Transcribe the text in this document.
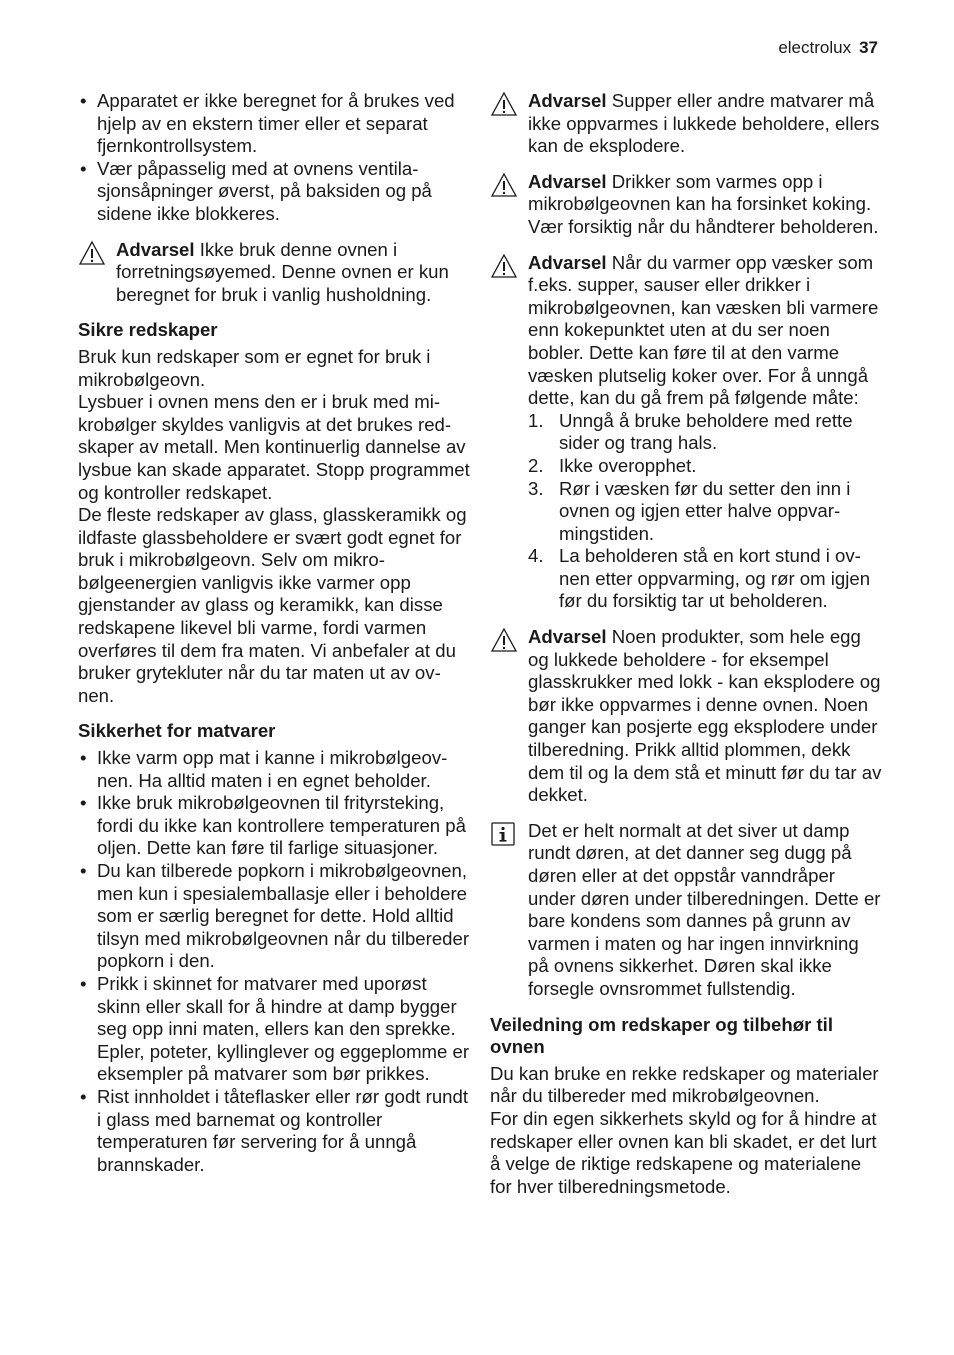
electrolux 37
• Apparatet er ikke beregnet for å brukes ved hjelp av en ekstern timer eller et separat fjernkontrollsystem.
• Vær påpasselig med at ovnens ventilasjonsåpninger øverst, på baksiden og på sidene ikke blokkeres.
Advarsel Ikke bruk denne ovnen i forretningsøyemed. Denne ovnen er kun beregnet for bruk i vanlig husholdning.
Sikre redskaper

Bruk kun redskaper som er egnet for bruk i mikrobølgeovn.

Lysbuer i ovnen mens den er i bruk med mikrobølger skyldes vanligvis at det brukes redskaper av metall. Men kontinuerlig dannelse av lysbue kan skade apparatet. Stopp programmet og kontroller redskapet.

De fleste redskaper av glass, glasskeramikk og ildfaste glassbeholdere er svært godt egnet for bruk i mikrobølgeovn. Selv om mikrobølgeenergien vanligvis ikke varmer opp gjenstander av glass og keramikk, kan disse redskapene likevel bli varme, fordi varmen overføres til dem fra maten. Vi anbefaler at du bruker grytekluter når du tar maten ut av ovnen.

Sikkerhet for matvarer
• Ikke varm opp mat i kanne i mikrobølgeovnen. Ha alltid maten i en egnet beholder.
• Ikke bruk mikrobølgeovnen til frityrsteking, fordi du ikke kan kontrollere temperaturen på oljen. Dette kan føre til farlige situasjoner.
• Du kan tilberede popkorn i mikrobølgeovnen, men kun i spesialemballasje eller i beholdere som er særlig beregnet for dette. Hold alltid tilsyn med mikrobølgeovnen når du tilbereder popkorn i den.
• Prikk i skinnet for matvarer med uporøst skinn eller skall for å hindre at damp bygger seg opp inni maten, ellers kan den sprekke. Epler, poteter, kyllinglever og eggeplomme er eksempler på matvarer som bør prikkes.
• Rist innholdet i tåteflasker eller rør godt rundt i glass med barnemat og kontroller temperaturen før servering for å unngå brannskader.
Advarsel Supper eller andre matvarer må ikke oppvarmes i lukkede beholdere, ellers kan de eksplodere.
Advarsel Drikker som varmes opp i mikrobølgeovnen kan ha forsinket koking. Vær forsiktig når du håndterer beholderen.
Advarsel Når du varmer opp væsker som f.eks. supper, sauser eller drikker i mikrobølgeovnen, kan væsken bli varmere enn kokepunktet uten at du ser noen bobler. Dette kan føre til at den varme væsken plutselig koker over. For å unngå dette, kan du gå frem på følgende måte:
1. Unngå å bruke beholdere med rette sider og trang hals.
2. Ikke overopphet.
3. Rør i væsken før du setter den inn i ovnen og igjen etter halve oppvarmingstiden.
4. La beholderen stå en kort stund i ovnen etter oppvarming, og rør om igjen før du forsiktig tar ut beholderen.
Advarsel Noen produkter, som hele egg og lukkede beholdere - for eksempel glasskrukker med lokk - kan eksplodere og bør ikke oppvarmes i denne ovnen. Noen ganger kan posjerte egg eksplodere under tilberedning. Prikk alltid plommen, dekk dem til og la dem stå et minutt før du tar av dekket.
Det er helt normalt at det siver ut damp rundt døren, at det danner seg dugg på døren eller at det oppstår vanndråper under døren under tilberedningen. Dette er bare kondens som dannes på grunn av varmen i maten og har ingen innvirkning på ovnens sikkerhet. Døren skal ikke forsegle ovnsrommet fullstendig.
Veiledning om redskaper og tilbehør til ovnen

Du kan bruke en rekke redskaper og materialer når du tilbereder med mikrobølgeovnen.

For din egen sikkerhets skyld og for å hindre at redskaper eller ovnen kan bli skadet, er det lurt å velge de riktige redskapene og materialene for hver tilberedningsmetode.
